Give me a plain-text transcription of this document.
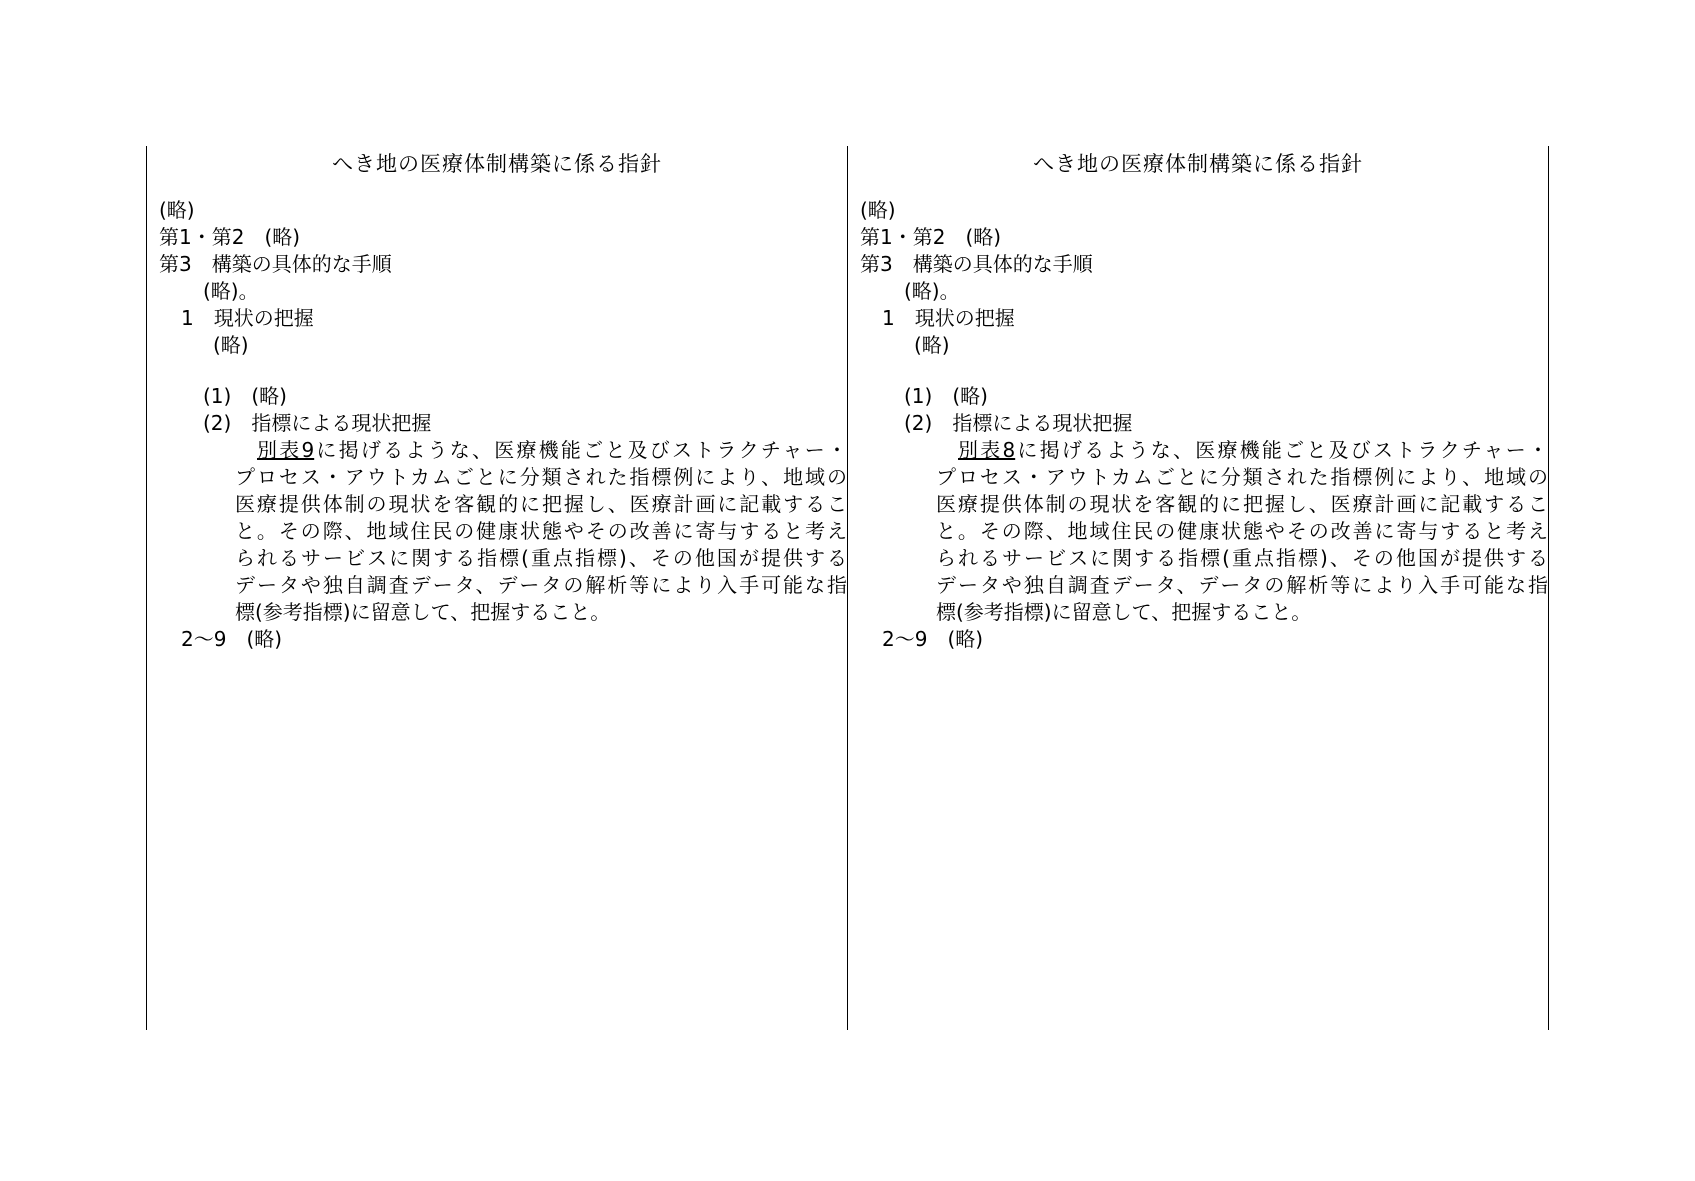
へき地の医療体制構築に係る指針
(略)
第1・第2　(略)
第3　構築の具体的な手順
(略)。
1　現状の把握
(略)
(1)　(略)
(2)　指標による現状把握
別表9に掲げるような、医療機能ごと及びストラクチャー・
プロセス・アウトカムごとに分類された指標例により、地域の
医療提供体制の現状を客観的に把握し、医療計画に記載するこ
と。その際、地域住民の健康状態やその改善に寄与すると考え
られるサービスに関する指標(重点指標)、その他国が提供する
データや独自調査データ、データの解析等により入手可能な指
標(参考指標)に留意して、把握すること。
2～9　(略)
へき地の医療体制構築に係る指針
(略)
第1・第2　(略)
第3　構築の具体的な手順
(略)。
1　現状の把握
(略)
(1)　(略)
(2)　指標による現状把握
別表8に掲げるような、医療機能ごと及びストラクチャー・
プロセス・アウトカムごとに分類された指標例により、地域の
医療提供体制の現状を客観的に把握し、医療計画に記載するこ
と。その際、地域住民の健康状態やその改善に寄与すると考え
られるサービスに関する指標(重点指標)、その他国が提供する
データや独自調査データ、データの解析等により入手可能な指
標(参考指標)に留意して、把握すること。
2～9　(略)
